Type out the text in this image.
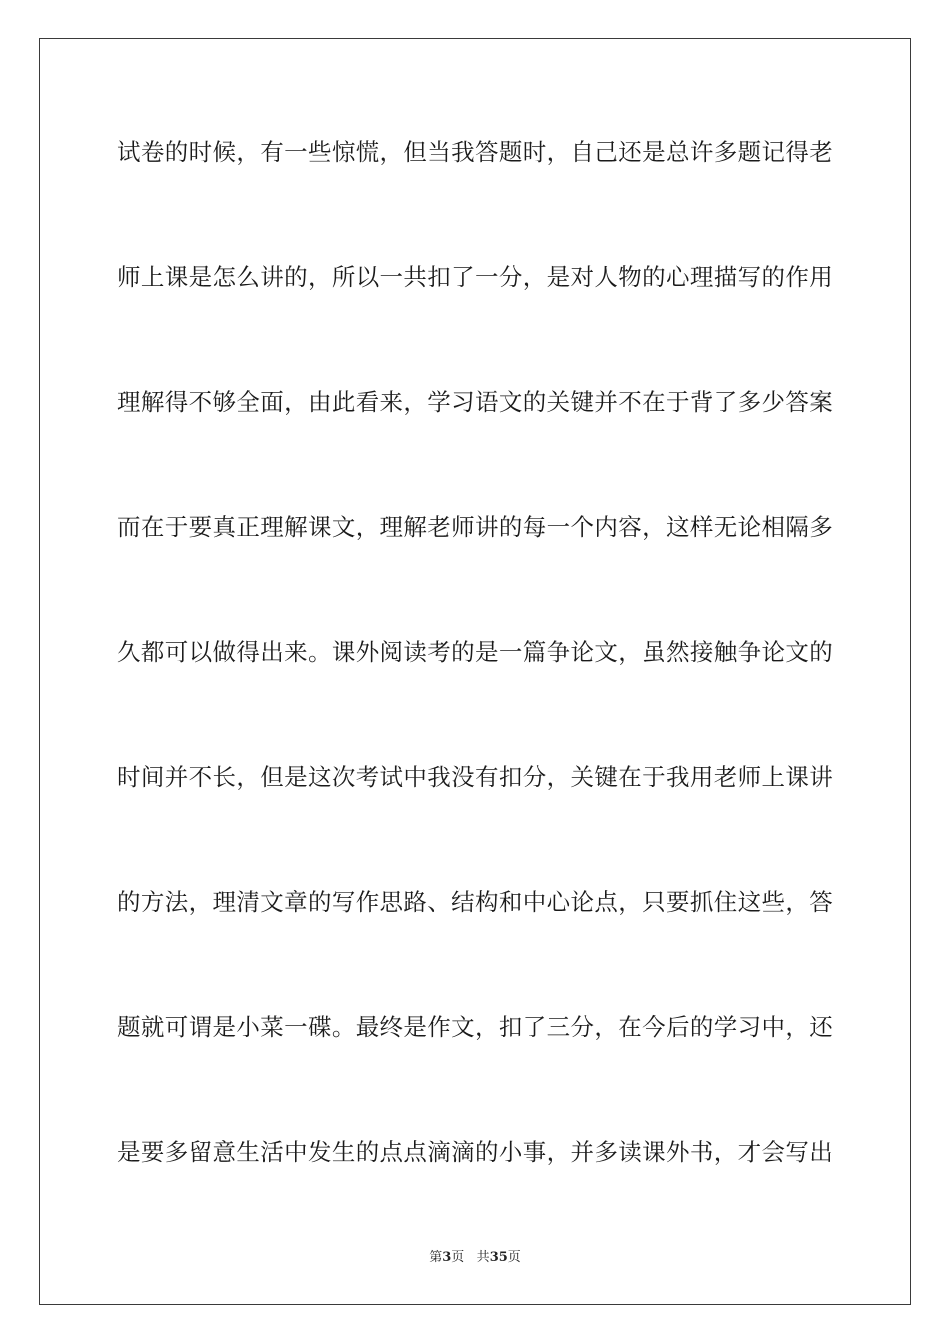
试卷的时候，有一些惊慌，但当我答题时，自己还是总许多题记得老
师上课是怎么讲的，所以一共扣了一分，是对人物的心理描写的作用
理解得不够全面，由此看来，学习语文的关键并不在于背了多少答案
而在于要真正理解课文，理解老师讲的每一个内容，这样无论相隔多
久都可以做得出来。课外阅读考的是一篇争论文，虽然接触争论文的
时间并不长，但是这次考试中我没有扣分，关键在于我用老师上课讲
的方法，理清文章的写作思路、结构和中心论点，只要抓住这些，答
题就可谓是小菜一碟。最终是作文，扣了三分，在今后的学习中，还
是要多留意生活中发生的点点滴滴的小事，并多读课外书，才会写出
第3页 共35页
